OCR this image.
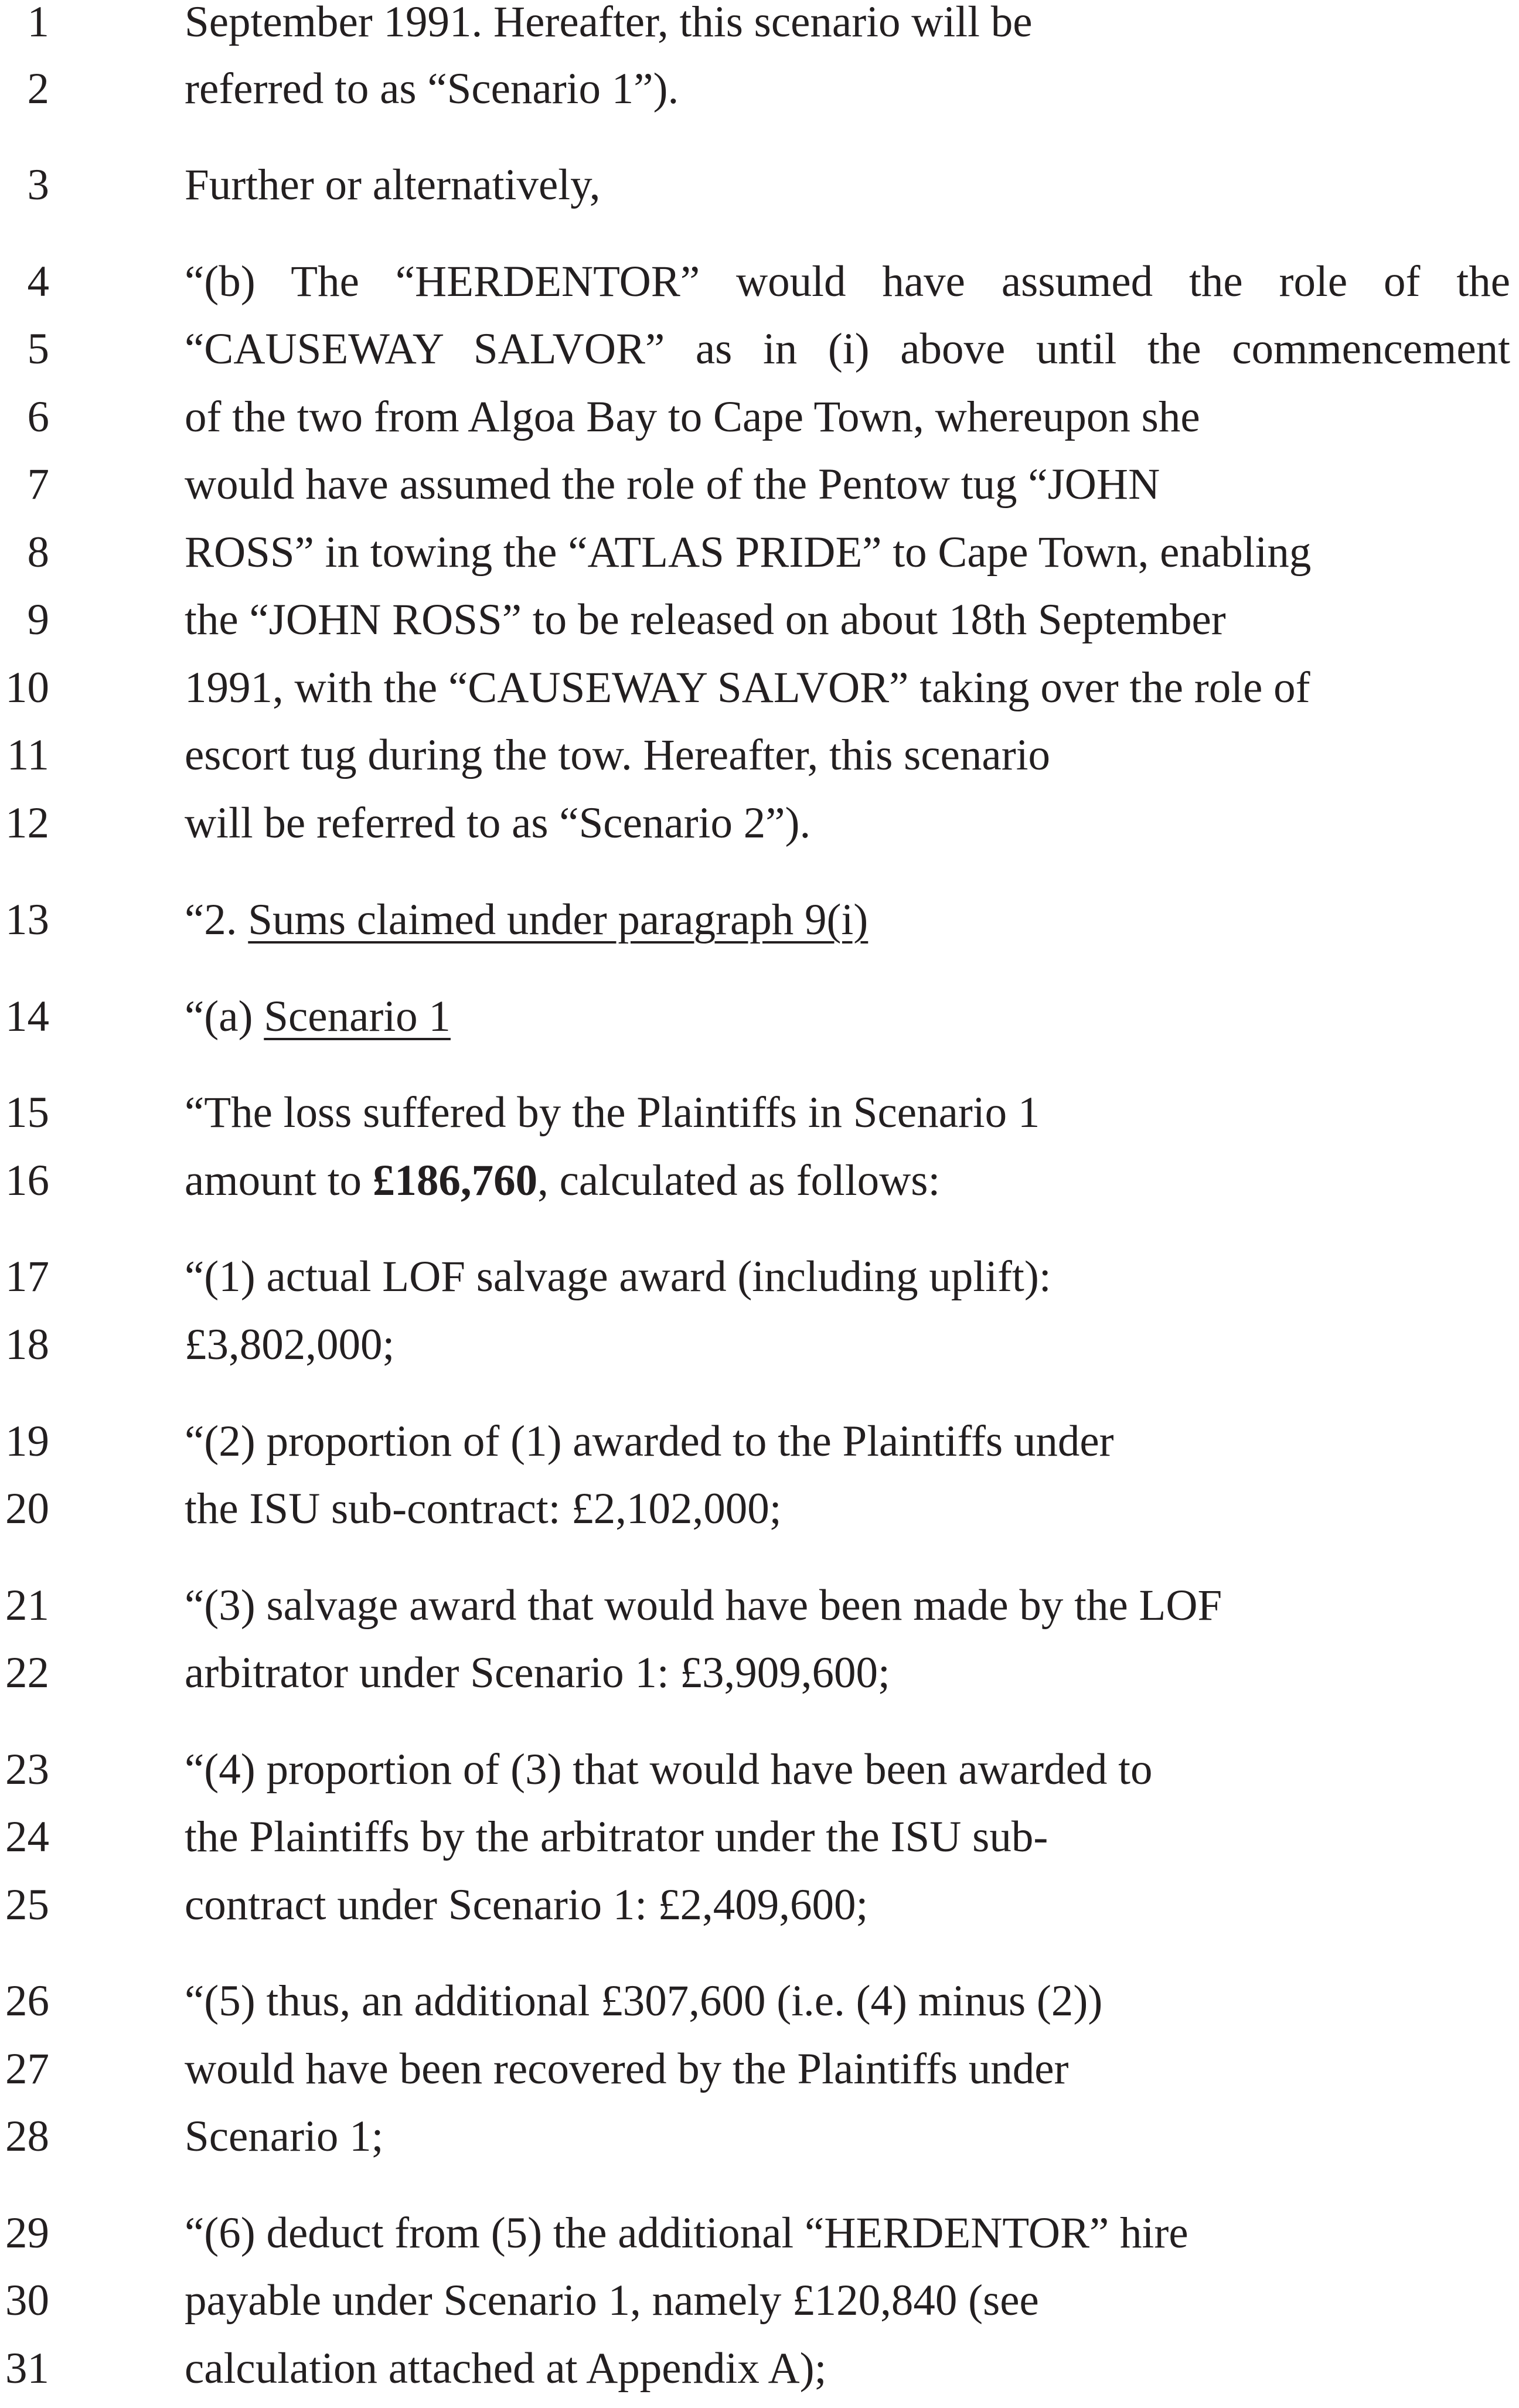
1	September 1991. Hereafter, this scenario will be
2	referred to as “Scenario 1”).
3	Further or alternatively,
4	“(b) The “HERDENTOR” would have assumed the role of the
5	“CAUSEWAY SALVOR” as in (i) above until the commencement
6	of the two from Algoa Bay to Cape Town, whereupon she
7	would have assumed the role of the Pentow tug “JOHN
8	ROSS” in towing the “ATLAS PRIDE” to Cape Town, enabling
9	the “JOHN ROSS” to be released on about 18th September
10	1991, with the “CAUSEWAY SALVOR” taking over the role of
11	escort tug during the tow. Hereafter, this scenario
12	will be referred to as “Scenario 2”).
13	“2. Sums claimed under paragraph 9(i)
14	“(a) Scenario 1
15	“The loss suffered by the Plaintiffs in Scenario 1
16	amount to £186,760, calculated as follows:
17	“(1) actual LOF salvage award (including uplift):
18	£3,802,000;
19	“(2) proportion of (1) awarded to the Plaintiffs under
20	the ISU sub-contract: £2,102,000;
21	“(3) salvage award that would have been made by the LOF
22	arbitrator under Scenario 1: £3,909,600;
23	“(4) proportion of (3) that would have been awarded to
24	the Plaintiffs by the arbitrator under the ISU sub-
25	contract under Scenario 1: £2,409,600;
26	“(5) thus, an additional £307,600 (i.e. (4) minus (2))
27	would have been recovered by the Plaintiffs under
28	Scenario 1;
29	“(6) deduct from (5) the additional “HERDENTOR” hire
30	payable under Scenario 1, namely £120,840 (see
31	calculation attached at Appendix A);
